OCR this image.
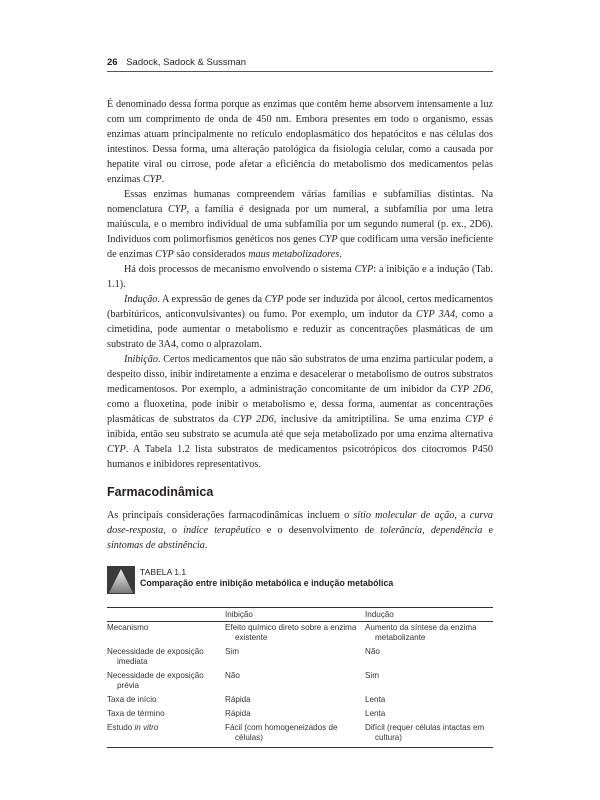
26 Sadock, Sadock & Sussman

É denominado dessa forma porque as enzimas que contêm heme absorvem intensamente a luz com um comprimento de onda de 450 nm. Embora presentes em todo o organismo, essas enzimas atuam principalmente no retículo endoplasmático dos hepatócitos e nas células dos intestinos. Dessa forma, uma alteração patológica da fisiologia celular, como a causada por hepatite viral ou cirrose, pode afetar a eficiência do metabolismo dos medicamentos pelas enzimas CYP.

Essas enzimas humanas compreendem várias famílias e subfamílias distintas. Na nomenclatura CYP, a família é designada por um numeral, a subfamília por uma letra maiúscula, e o membro individual de uma subfamília por um segundo numeral (p. ex., 2D6). Indivíduos com polimorfismos genéticos nos genes CYP que codificam uma versão ineficiente de enzimas CYP são considerados maus metabolizadores.

Há dois processos de mecanismo envolvendo o sistema CYP: a inibição e a indução (Tab. 1.1).

Indução. A expressão de genes da CYP pode ser induzida por álcool, certos medicamentos (barbitúricos, anticonvulsivantes) ou fumo. Por exemplo, um indutor da CYP 3A4, como a cimetidina, pode aumentar o metabolismo e reduzir as concentrações plasmáticas de um substrato de 3A4, como o alprazolam.

Inibição. Certos medicamentos que não são substratos de uma enzima particular podem, a despeito disso, inibir indiretamente a enzima e desacelerar o metabolismo de outros substratos medicamentosos. Por exemplo, a administração concomitante de um inibidor da CYP 2D6, como a fluoxetina, pode inibir o metabolismo e, dessa forma, aumentar as concentrações plasmáticas de substratos da CYP 2D6, inclusive da amitriptilina. Se uma enzima CYP é inibida, então seu substrato se acumula até que seja metabolizado por uma enzima alternativa CYP. A Tabela 1.2 lista substratos de medicamentos psicotrópicos dos citocromos P450 humanos e inibidores representativos.

Farmacodinâmica

As principais considerações farmacodinâmicas incluem o sítio molecular de ação, a curva dose-resposta, o índice terapêutico e o desenvolvimento de tolerância, dependência e sintomas de abstinência.

TABELA 1.1
Comparação entre inibição metabólica e indução metabólica
	Inibição	Indução

Mecanismo	Efeito químico direto sobre a enzima existente	Aumento da síntese da enzima metabolizante

Necessidade de exposição imediata	Sim	Não

Necessidade de exposição prévia	Não	Sim
Taxa de início	Rápida	Lenta
Taxa de término	Rápida	Lenta
Estudo in vitro	Fácil (com homogeneizados de células)	Difícil (requer células intactas em cultura)
